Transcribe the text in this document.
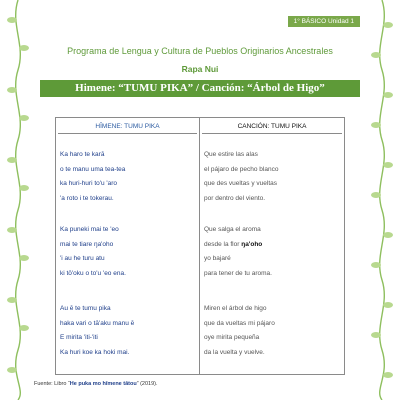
1° BÁSICO Unidad 1
Programa de Lengua y Cultura de Pueblos Originarios Ancestrales
Rapa Nui
Himene: “TUMU PIKA” / Canción: “Árbol de Higo”
HĪMENE: TUMU PIKA
Ka haro te karā
o te manu uma tea-tea
ka huri-huri to'u 'aro
'a roto i te tokerau.
Ka puneki mai te 'eo
mai te tiare ŋa'oho
'i au he turu atu
ki tō'oku o to'u 'eo ena.
Au ē te tumu pika
haka vari o tā'aku manu ē
E mirita 'iti-'iti
Ka huri koe ka hoki mai.
CANCIÓN: TUMU PIKA
Que estire las alas
el pájaro de pecho blanco
que des vueltas y vueltas
por dentro del viento.
Que salga el aroma
desde la flor ŋa'oho
yo bajaré
para tener de tu aroma.
Miren el árbol de higo
que da vueltas mi pájaro
oye mirita pequeña
da la vuelta y vuelve.
Fuente: Libro “He puka mo hīmene tātou” (2019).
